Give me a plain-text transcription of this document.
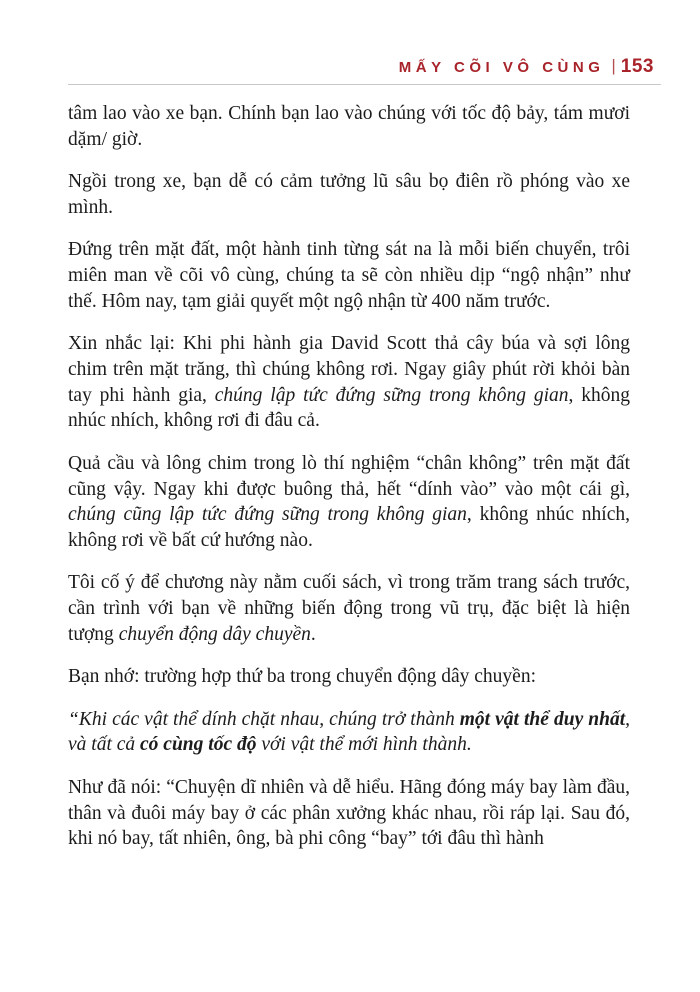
MẤY CÕI VÔ CÙNG | 153

tâm lao vào xe bạn. Chính bạn lao vào chúng với tốc độ bảy, tám mươi dặm/ giờ.

Ngồi trong xe, bạn dễ có cảm tưởng lũ sâu bọ điên rồ phóng vào xe mình.

Đứng trên mặt đất, một hành tinh từng sát na là mỗi biến chuyển, trôi miên man về cõi vô cùng, chúng ta sẽ còn nhiều dịp “ngộ nhận” như thế. Hôm nay, tạm giải quyết một ngộ nhận từ 400 năm trước.

Xin nhắc lại: Khi phi hành gia David Scott thả cây búa và sợi lông chim trên mặt trăng, thì chúng không rơi. Ngay giây phút rời khỏi bàn tay phi hành gia, chúng lập tức đứng sững trong không gian, không nhúc nhích, không rơi đi đâu cả.

Quả cầu và lông chim trong lò thí nghiệm “chân không” trên mặt đất cũng vậy. Ngay khi được buông thả, hết “dính vào” vào một cái gì, chúng cũng lập tức đứng sững trong không gian, không nhúc nhích, không rơi về bất cứ hướng nào.

Tôi cố ý để chương này nằm cuối sách, vì trong trăm trang sách trước, cần trình với bạn về những biến động trong vũ trụ, đặc biệt là hiện tượng chuyển động dây chuyền.

Bạn nhớ: trường hợp thứ ba trong chuyển động dây chuyền:

“Khi các vật thể dính chặt nhau, chúng trở thành một vật thể duy nhất, và tất cả có cùng tốc độ với vật thể mới hình thành.

Như đã nói: “Chuyện dĩ nhiên và dễ hiểu. Hãng đóng máy bay làm đầu, thân và đuôi máy bay ở các phân xưởng khác nhau, rồi ráp lại. Sau đó, khi nó bay, tất nhiên, ông, bà phi công “bay” tới đâu thì hành
